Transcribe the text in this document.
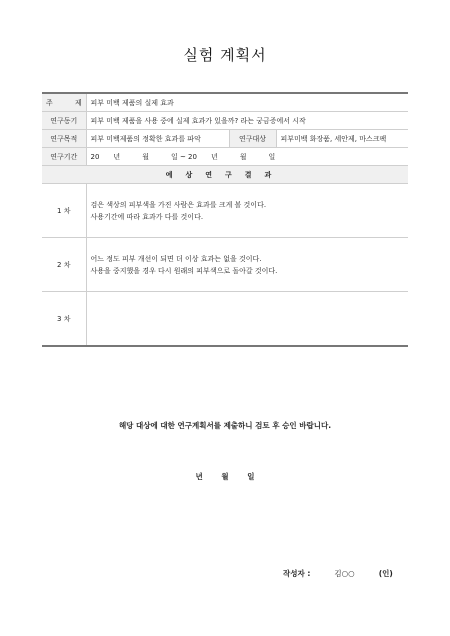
실험 계획서
주 제	피부 미백 제품의 실제 효과		
연구동기	피부 미백 제품을 사용 중에 실제 효과가 있을까? 라는 궁금증에서 시작		
연구목적	피부 미백제품의 정확한 효과를 파악	연구대상	피부미백 화장품, 세안제, 마스크팩
연구기간	20 년 월 일 ~ 20 년 월 일		
예상연구결과			
1 차	검은 색상의 피부색을 가진 사람은 효과를 크게 볼 것이다.
사용기간에 따라 효과가 다를 것이다.		

2 차	어느 정도 피부 개선이 되면 더 이상 효과는 없을 것이다.
사용을 중지했을 경우 다시 원래의 피부색으로 돌아갈 것이다.		

3 차			
해당 대상에 대한 연구계획서를 제출하니 검토 후 승인 바랍니다.
년 월 일
작성자 :	김○○	(인)
